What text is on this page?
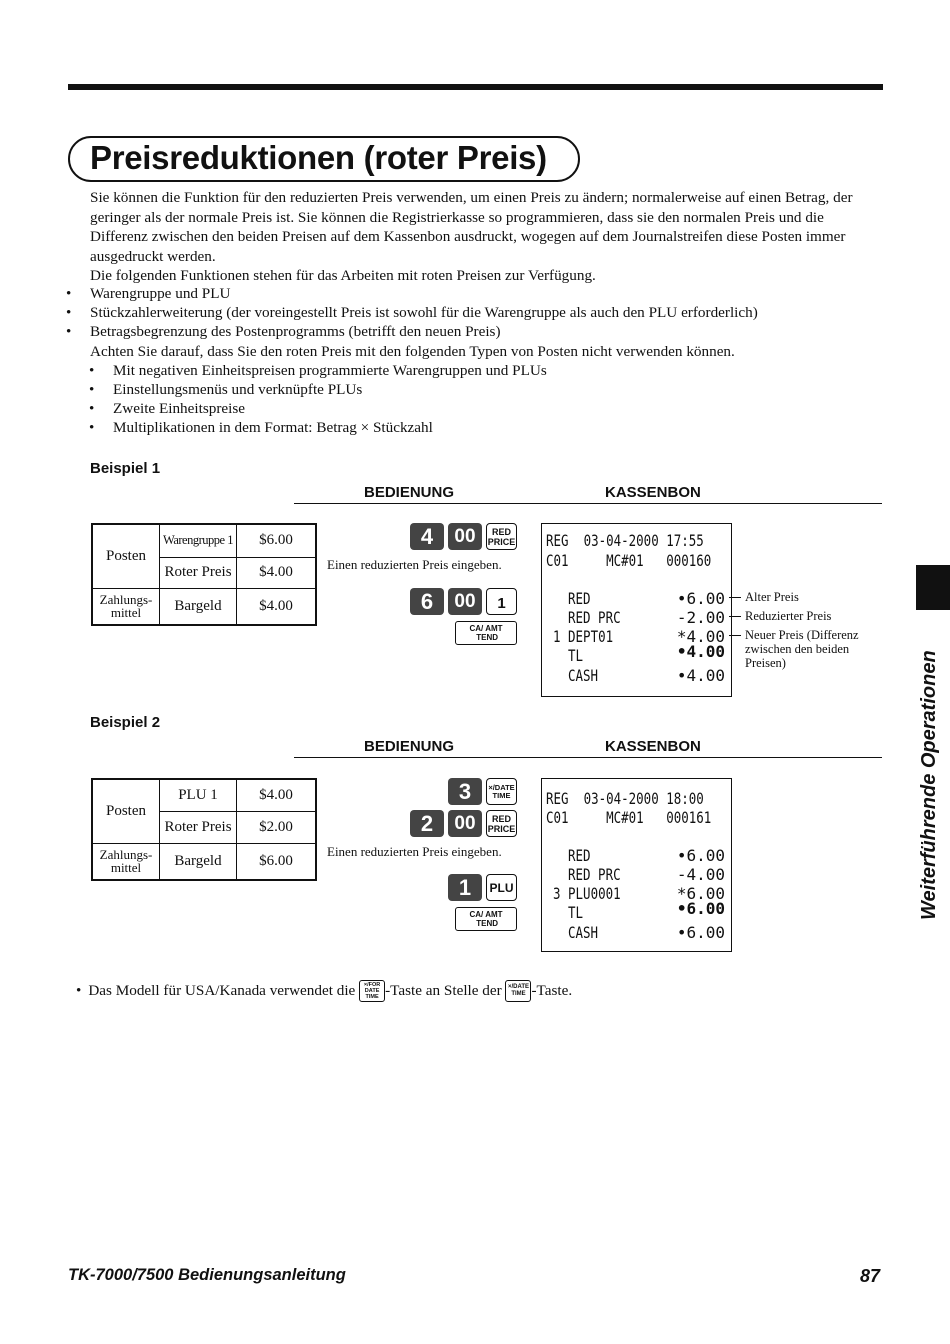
Preisreduktionen (roter Preis)
Sie können die Funktion für den reduzierten Preis verwenden, um einen Preis zu ändern; normalerweise auf einen Betrag, der geringer als der normale Preis ist. Sie können die Registrierkasse so programmieren, dass sie den normalen Preis und die Differenz zwischen den beiden Preisen auf dem Kassenbon ausdruckt, wogegen auf dem Journalstreifen diese Posten immer ausgedruckt werden.
Die folgenden Funktionen stehen für das Arbeiten mit roten Preisen zur Verfügung.
• Warengruppe und PLU
• Stückzahlerweiterung (der voreingestellt Preis ist sowohl für die Warengruppe als auch den PLU erforderlich)
• Betragsbegrenzung des Postenprogramms (betrifft den neuen Preis)
Achten Sie darauf, dass Sie den roten Preis mit den folgenden Typen von Posten nicht verwenden können.
• Mit negativen Einheitspreisen programmierte Warengruppen und PLUs
• Einstellungsmenüs und verknüpfte PLUs
• Zweite Einheitspreise
• Multiplikationen in dem Format: Betrag × Stückzahl
Beispiel 1
BEDIENUNG	KASSENBON
Posten	Warengruppe 1	$6.00
	Roter Preis	$4.00
Zahlungs-
mittel	Bargeld	$4.00
4	00	RED
PRICE
Einen reduzierten Preis eingeben.
6	00	1
CA/ AMT
TEND
REG  03-04-2000 17:55
C01     MC#01   000160
RED	•6.00
RED PRC	-2.00
1 DEPT01	*4.00
TL	•4.00
CASH	•4.00
Alter Preis
Reduzierter Preis
Neuer Preis (Differenz zwischen den beiden Preisen)
Beispiel 2
BEDIENUNG	KASSENBON
Posten	PLU 1	$4.00
	Roter Preis	$2.00
Zahlungs-
mittel	Bargeld	$6.00
3	×/DATE
TIME
2	00	RED
PRICE
Einen reduzierten Preis eingeben.
1	PLU
CA/ AMT
TEND
REG  03-04-2000 18:00
C01     MC#01   000161
RED	•6.00
RED PRC	-4.00
3 PLU0001	*6.00
TL	•6.00
CASH	•6.00
• Das Modell für USA/Kanada verwendet die ×/FOR
DATE
TIME -Taste an Stelle der ×/DATE
TIME -Taste.
Weiterführende Operationen
TK-7000/7500 Bedienungsanleitung	87
